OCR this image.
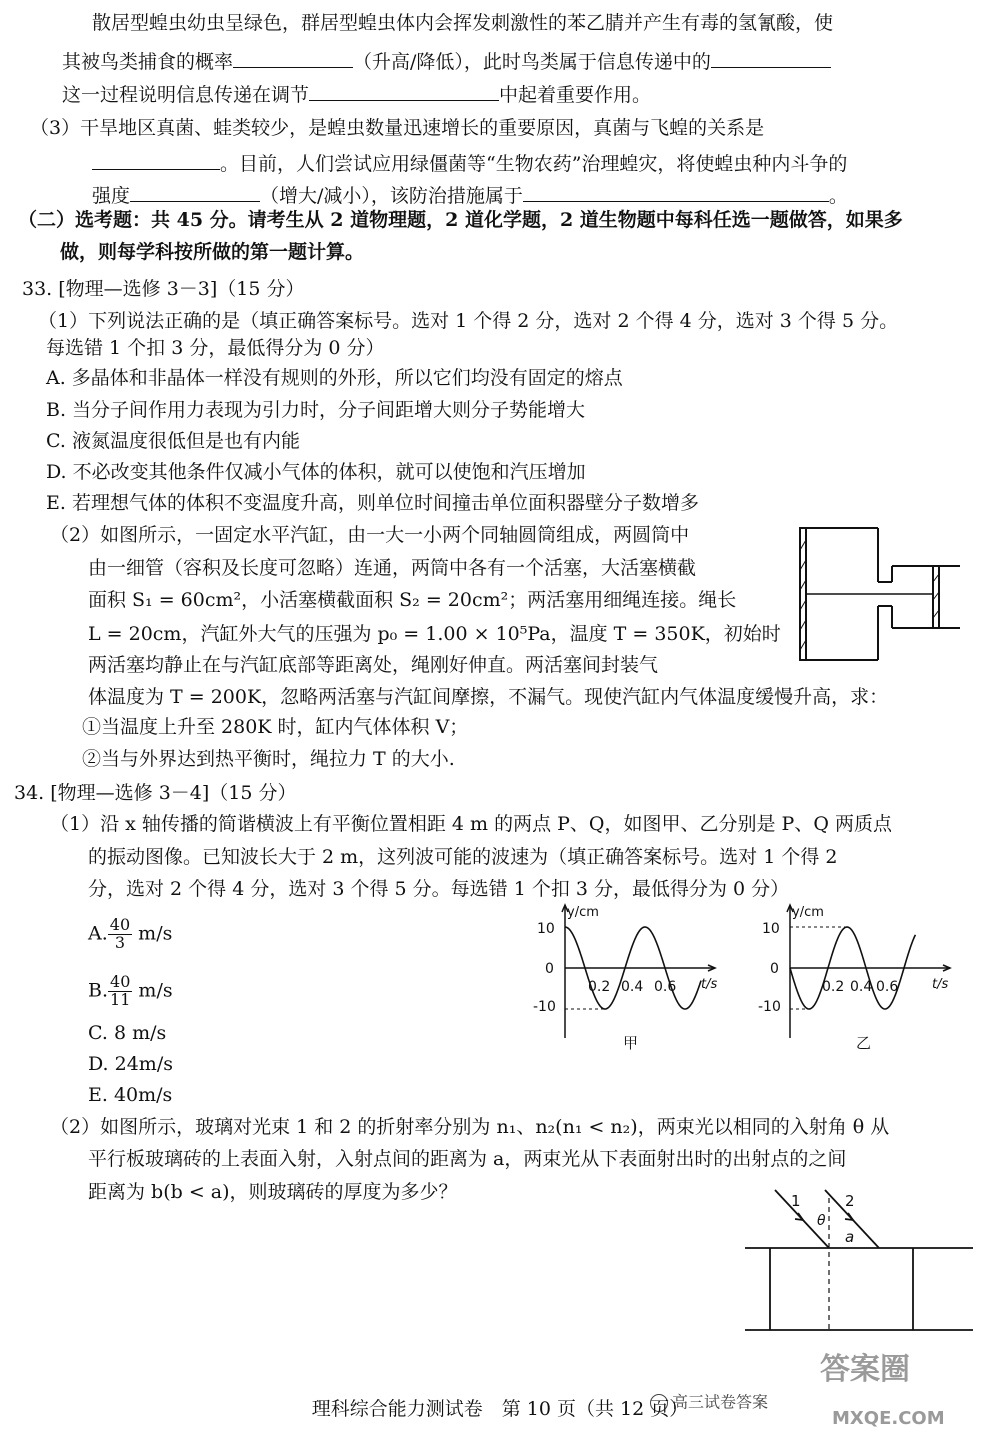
散居型蝗虫幼虫呈绿色，群居型蝗虫体内会挥发刺激性的苯乙腈并产生有毒的氢氰酸，使
其被鸟类捕食的概率	（升高/降低），此时鸟类属于信息传递中的
这一过程说明信息传递在调节	中起着重要作用。
（3）干旱地区真菌、蛙类较少，是蝗虫数量迅速增长的重要原因，真菌与飞蝗的关系是
。目前，人们尝试应用绿僵菌等“生物农药”治理蝗灾，将使蝗虫种内斗争的
强度	（增大/减小），该防治措施属于	。
（二）选考题：共 45 分。请考生从 2 道物理题，2 道化学题，2 道生物题中每科任选一题做答，如果多
做，则每学科按所做的第一题计算。
33. [物理—选修 3－3]（15 分）
（1）下列说法正确的是（填正确答案标号。选对 1 个得 2 分，选对 2 个得 4 分，选对 3 个得 5 分。
每选错 1 个扣 3 分，最低得分为 0 分）
A. 多晶体和非晶体一样没有规则的外形，所以它们均没有固定的熔点
B. 当分子间作用力表现为引力时，分子间距增大则分子势能增大
C. 液氮温度很低但是也有内能
D. 不必改变其他条件仅减小气体的体积，就可以使饱和汽压增加
E. 若理想气体的体积不变温度升高，则单位时间撞击单位面积器壁分子数增多
（2）如图所示，一固定水平汽缸，由一大一小两个同轴圆筒组成，两圆筒中
由一细管（容积及长度可忽略）连通，两筒中各有一个活塞，大活塞横截
面积 S₁ = 60cm²，小活塞横截面积 S₂ = 20cm²；两活塞用细绳连接。绳长
L = 20cm，汽缸外大气的压强为 p₀ = 1.00 × 10⁵Pa，温度 T = 350K，初始时
两活塞均静止在与汽缸底部等距离处，绳刚好伸直。两活塞间封装气
体温度为 T = 200K，忽略两活塞与汽缸间摩擦，不漏气。现使汽缸内气体温度缓慢升高，求：
①当温度上升至 280K 时，缸内气体体积 V；
②当与外界达到热平衡时，绳拉力 T 的大小.
34. [物理—选修 3－4]（15 分）
（1）沿 x 轴传播的简谐横波上有平衡位置相距 4 m 的两点 P、Q，如图甲、乙分别是 P、Q 两质点
的振动图像。已知波长大于 2 m，这列波可能的波速为（填正确答案标号。选对 1 个得 2
分，选对 2 个得 4 分，选对 3 个得 5 分。每选错 1 个扣 3 分，最低得分为 0 分）
A. $\frac{40}{3} m/s$
B. $\frac{40}{11} m/s$
C. 8 m/s
D. 24m/s
E. 40m/s
y/cm
t/s
10
0
-10
0.2 0.4 0.6
甲
y/cm
t/s
10
0
-10
0.2 0.4 0.6
乙
（2）如图所示，玻璃对光束 1 和 2 的折射率分别为 n₁、n₂(n₁ < n₂)，两束光以相同的入射角 θ 从
平行板玻璃砖的上表面入射，入射点间的距离为 a，两束光从下表面射出时的出射点的之间
距离为 b(b < a)，则玻璃砖的厚度为多少？	1	2
θ
a
高三试卷答案
答案圈
MXQE.COM
理科综合能力测试卷　第 10 页（共 12 页）
